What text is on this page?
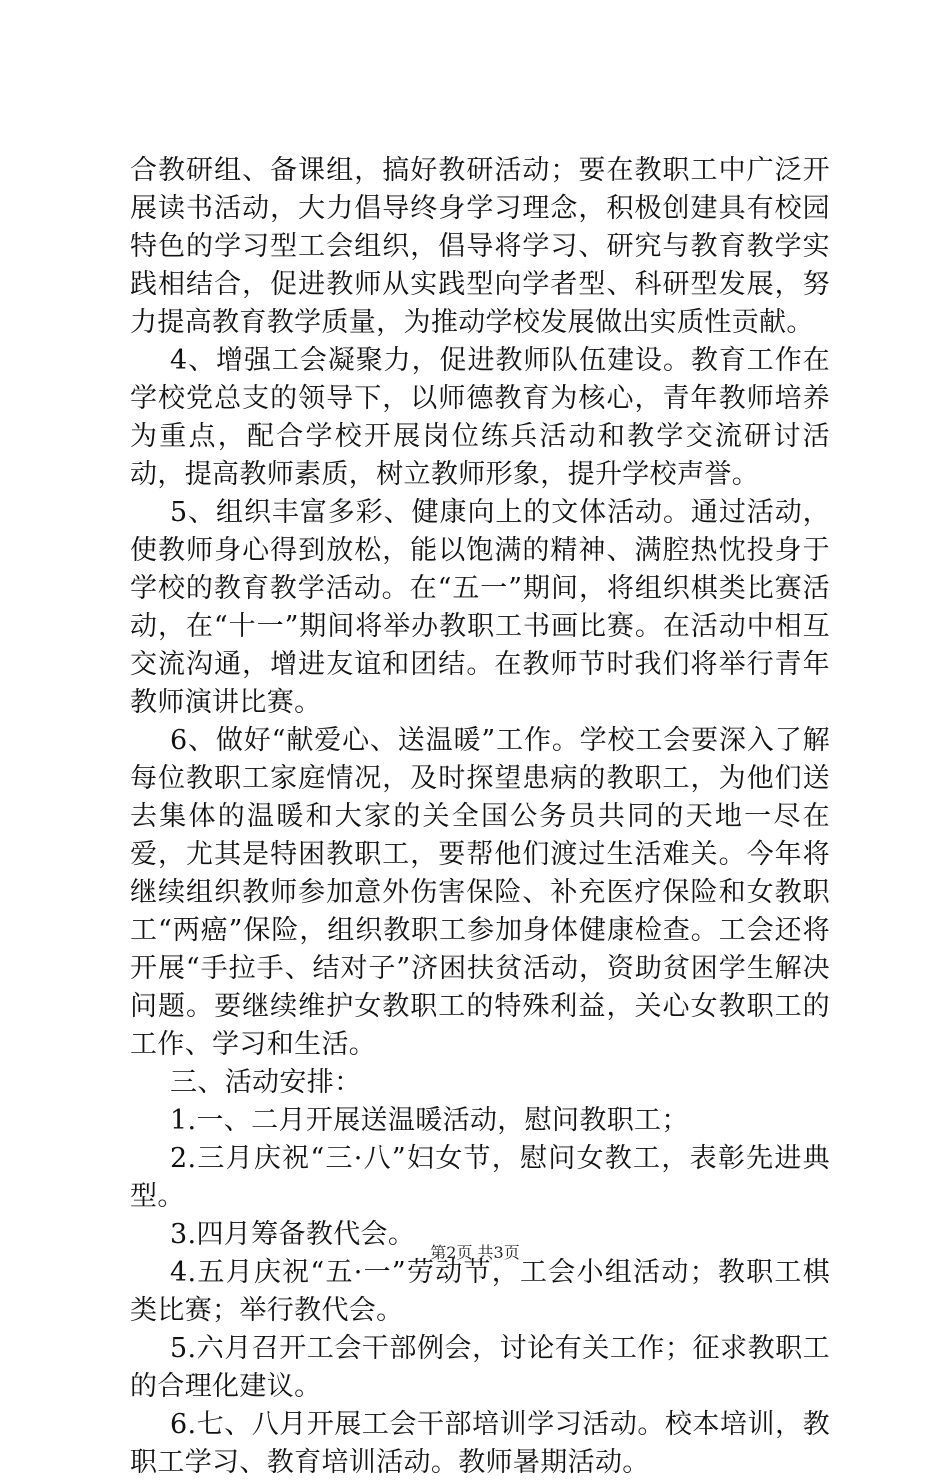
合教研组、备课组，搞好教研活动；要在教职工中广泛开展读书活动，大力倡导终身学习理念，积极创建具有校园特色的学习型工会组织，倡导将学习、研究与教育教学实践相结合，促进教师从实践型向学者型、科研型发展，努力提高教育教学质量，为推动学校发展做出实质性贡献。

4、增强工会凝聚力，促进教师队伍建设。教育工作在学校党总支的领导下，以师德教育为核心，青年教师培养为重点，配合学校开展岗位练兵活动和教学交流研讨活动，提高教师素质，树立教师形象，提升学校声誉。

5、组织丰富多彩、健康向上的文体活动。通过活动，使教师身心得到放松，能以饱满的精神、满腔热忱投身于学校的教育教学活动。在“五一”期间，将组织棋类比赛活动，在“十一”期间将举办教职工书画比赛。在活动中相互交流沟通，增进友谊和团结。在教师节时我们将举行青年教师演讲比赛。

6、做好“献爱心、送温暖”工作。学校工会要深入了解每位教职工家庭情况，及时探望患病的教职工，为他们送去集体的温暖和大家的关全国公务员共同的天地一尽在爱，尤其是特困教职工，要帮他们渡过生活难关。今年将继续组织教师参加意外伤害保险、补充医疗保险和女教职工“两癌”保险，组织教职工参加身体健康检查。工会还将开展“手拉手、结对子”济困扶贫活动，资助贫困学生解决问题。要继续维护女教职工的特殊利益，关心女教职工的工作、学习和生活。

三、活动安排：

1.一、二月开展送温暖活动，慰问教职工；

2.三月庆祝“三·八”妇女节，慰问女教工，表彰先进典型。

3.四月筹备教代会。

4.五月庆祝“五·一”劳动节，工会小组活动；教职工棋类比赛；举行教代会。

5.六月召开工会干部例会，讨论有关工作；征求教职工的合理化建议。

6.七、八月开展工会干部培训学习活动。校本培训，教职工学习、教育培训活动。教师暑期活动。

第2页 共3页
